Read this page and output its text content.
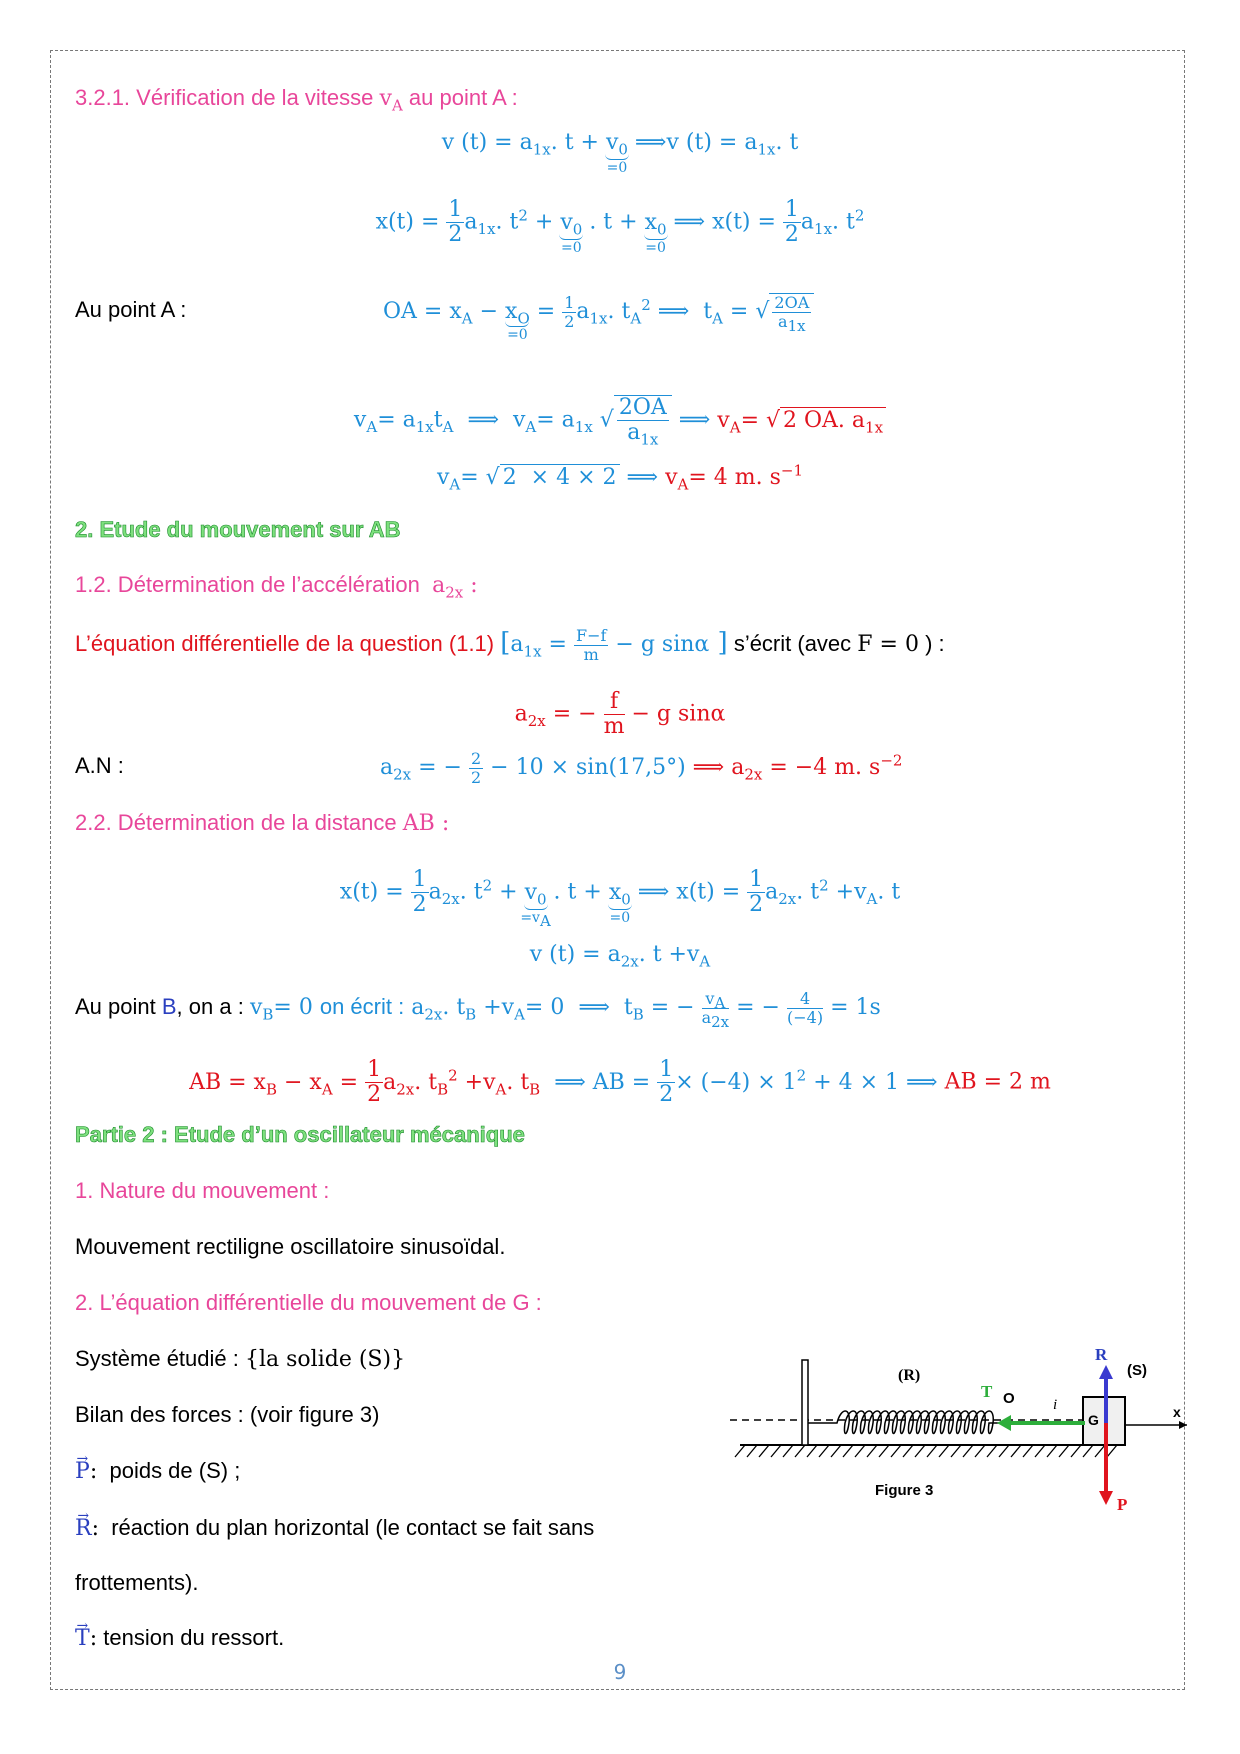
3.2.1. Vérification de la vitesse $v_A$ au point A :
v $(t) = a_{1x}$. $t + v_0$
=0
⟹v $(t) = a_{1x}$. t
$x(t) = \frac{1}{2} a_{1x}$. $t^2 + v_0$
=0
. $t + x_0$
=0
⟹ $x(t) = \frac{1}{2} a_{1x}$. $t^2$
Au point A :	OA = $x_A - x_O$
=0
= $\frac{1}{2} a_{1x}$. $t_A^2$ ⟹  $t_A$ = √ $\frac{2OA}{a_{1x}}$
$v_A= a_{1x}t_A$  ⟹  $v_A= a_{1x}$ √ $\frac{2OA}{a_{1x}}$ ⟹ $v_A=$ √ 2 OA. $a_{1x}$
$v_A=$ √ 2  × 4 × 2 ⟹ $v_A= 4$ m. $s^{-1}$
2. Etude du mouvement sur AB
1.2. Détermination de l’accélération $a_{2x}$ :
L’équation différentielle de la question (1.1) [$a_{1x} = \frac{F-f}{m} - g$ sinα ] s’écrit (avec F = 0 ) :
$a_{2x}$ = − $\frac{f}{m} - g$ sinα
A.N :	$a_{2x}$ = − $\frac{2}{2} - 10 \times \sin(17,5^\circ)$ ⟹ $a_{2x} = -4$ m. $s^{-2}$
2.2. Détermination de la distance AB :
$x(t) = \frac{1}{2} a_{2x}$. $t^2 + v_0$
$=v_A$
. $t + x_0$
=0
⟹ $x(t) = \frac{1}{2} a_{2x}$. $t^2 +v_A$. t
v $(t) = a_{2x}$. $t +v_A$
Au point B, on a : $v_B= 0$ on écrit : $a_{2x}$. $t_B +v_A= 0$  ⟹  $t_B$ = − $\frac{v_A}{a_{2x}}$ = − $\frac{4}{(-4)} = 1s$
AB = $x_B - x_A = \frac{1}{2} a_{2x}$. $t_B^2 +v_A$. $t_B$  ⟹ AB = $\frac{1}{2} \times (-4) \times 1^2 + 4 \times 1$ ⟹ AB = 2 m
Partie 2 : Etude d’un oscillateur mécanique
1. Nature du mouvement :
Mouvement rectiligne oscillatoire sinusoïdal.
2. L’équation différentielle du mouvement de G :
Système étudié : {la solide (S)}
Bilan des forces : (voir figure 3)
→ P: poids de (S) ;
→ R: réaction du plan horizontal (le contact se fait sans
frottements).
→ T: tension du ressort.
x
(R)	(S)
G
O	i
T
R
P
Figure 3
9
